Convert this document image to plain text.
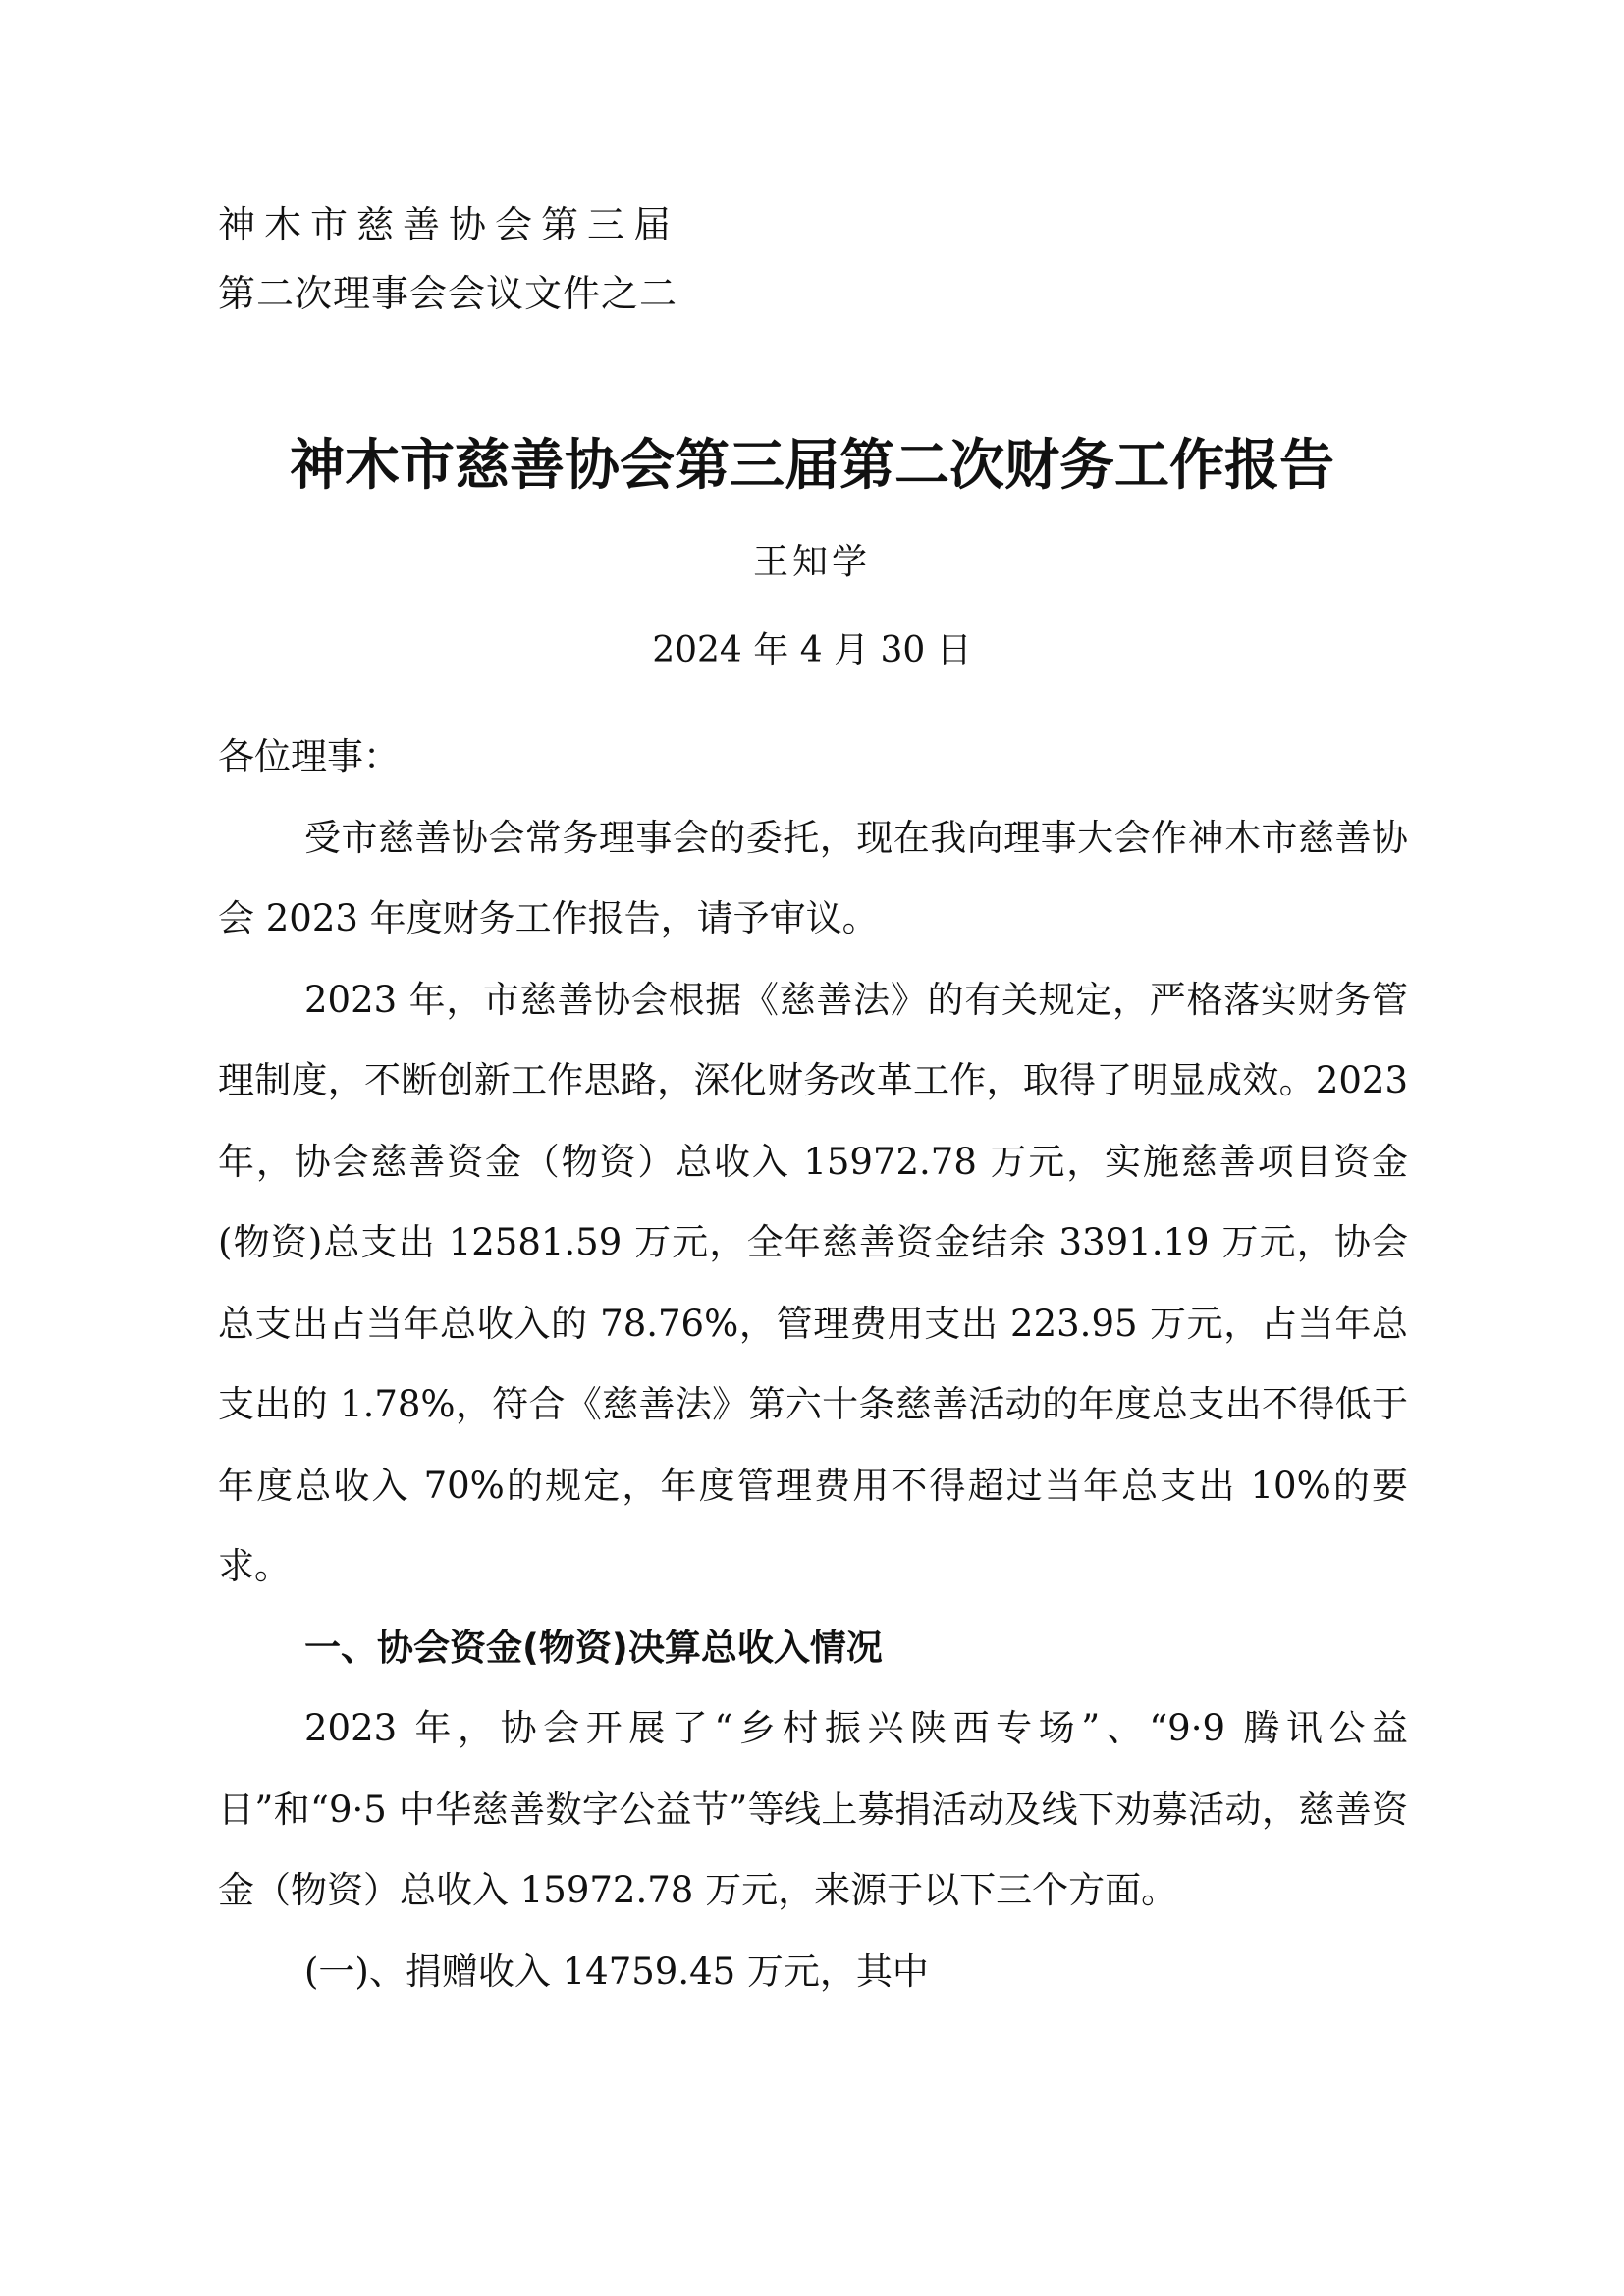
神木市慈善协会第三届
第二次理事会会议文件之二
神木市慈善协会第三届第二次财务工作报告
王知学
2024 年 4 月 30 日

各位理事：

受市慈善协会常务理事会的委托，现在我向理事大会作神木市慈善协会 2023 年度财务工作报告，请予审议。

2023 年，市慈善协会根据《慈善法》的有关规定，严格落实财务管理制度，不断创新工作思路，深化财务改革工作，取得了明显成效。2023 年，协会慈善资金（物资）总收入 15972.78 万元，实施慈善项目资金(物资)总支出 12581.59 万元，全年慈善资金结余 3391.19 万元，协会总支出占当年总收入的 78.76%，管理费用支出 223.95 万元，占当年总支出的 1.78%，符合《慈善法》第六十条慈善活动的年度总支出不得低于年度总收入 70%的规定，年度管理费用不得超过当年总支出 10%的要求。

一、协会资金(物资)决算总收入情况

2023 年，协会开展了“乡村振兴陕西专场”、“9·9 腾讯公益日”和“9·5 中华慈善数字公益节”等线上募捐活动及线下劝募活动，慈善资金（物资）总收入 15972.78 万元，来源于以下三个方面。

(一)、捐赠收入 14759.45 万元，其中
